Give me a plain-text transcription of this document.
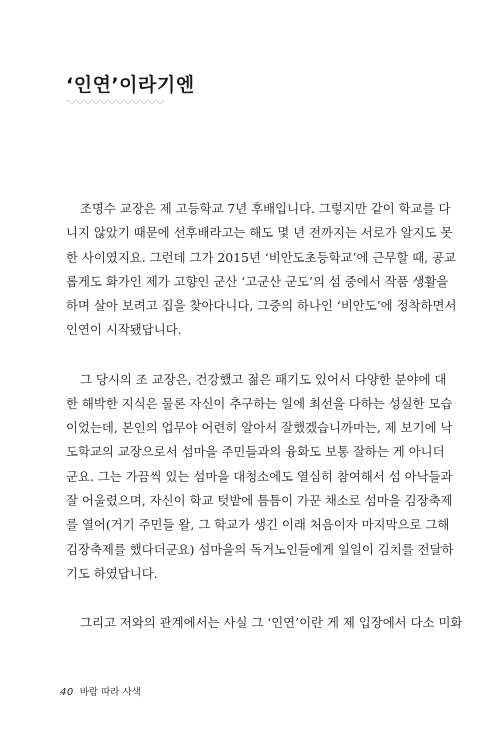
‘인연’이라기엔

조명수 교장은 제 고등학교 7년 후배입니다. 그렇지만 같이 학교를 다
니지 않았기 때문에 선후배라고는 해도 몇 년 전까지는 서로가 알지도 못
한 사이였지요. 그런데 그가 2015년 ‘비안도초등학교’에 근무할 때, 공교
롭게도 화가인 제가 고향인 군산 ‘고군산 군도’의 섬 중에서 작품 생활을
하며 살아 보려고 집을 찾아다니다, 그중의 하나인 ‘비안도’에 정착하면서
인연이 시작됐답니다.

그 당시의 조 교장은, 건강했고 젊은 패기도 있어서 다양한 분야에 대
한 해박한 지식은 물론 자신이 추구하는 일에 최선을 다하는 성실한 모습
이었는데, 본인의 업무야 어련히 알아서 잘했겠습니까마는, 제 보기에 낙
도학교의 교장으로서 섬마을 주민들과의 융화도 보통 잘하는 게 아니더
군요. 그는 가끔씩 있는 섬마을 대청소에도 열심히 참여해서 섬 아낙들과
잘 어울렸으며, 자신이 학교 텃밭에 틈틈이 가꾼 채소로 섬마을 김장축제
를 열어(거기 주민들 왈, 그 학교가 생긴 이래 처음이자 마지막으로 그해
김장축제를 했다더군요) 섬마을의 독거노인들에게 일일이 김치를 전달하
기도 하였답니다.

그리고 저와의 관계에서는 사실 그 ‘인연’이란 게 제 입장에서 다소 미화

40 바람 따라 사색
